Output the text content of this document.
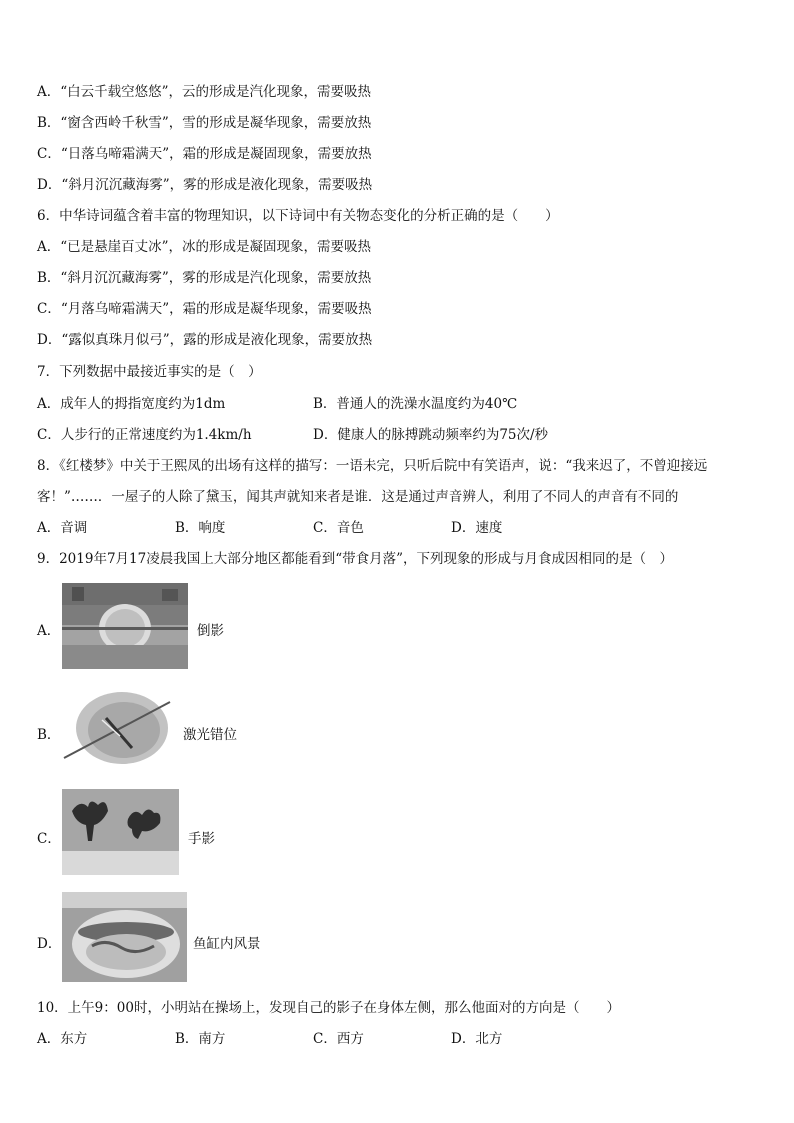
A．“白云千载空悠悠”，云的形成是汽化现象，需要吸热
B．“窗含西岭千秋雪”，雪的形成是凝华现象，需要放热
C．“日落乌啼霜满天”，霜的形成是凝固现象，需要放热
D．“斜月沉沉藏海雾”，雾的形成是液化现象，需要吸热
6．中华诗词蕴含着丰富的物理知识，以下诗词中有关物态变化的分析正确的是（　　）
A．“已是悬崖百丈冰”，冰的形成是凝固现象，需要吸热
B．“斜月沉沉藏海雾”，雾的形成是汽化现象，需要放热
C．“月落乌啼霜满天”，霜的形成是凝华现象，需要吸热
D．“露似真珠月似弓”，露的形成是液化现象，需要放热
7．下列数据中最接近事实的是（　）
A．成年人的拇指宽度约为1dm	B．普通人的洗澡水温度约为40℃
C．人步行的正常速度约为1.4km/h	D．健康人的脉搏跳动频率约为75次/秒
8．《红楼梦》中关于王熙凤的出场有这样的描写：一语未完，只听后院中有笑语声，说：“我来迟了，不曾迎接远
客！”……．一屋子的人除了黛玉，闻其声就知来者是谁．这是通过声音辨人，利用了不同人的声音有不同的
A．音调	B．响度	C．音色	D．速度
9．2019年7月17凌晨我国上大部分地区都能看到“带食月落”，下列现象的形成与月食成因相同的是（　）
A．	倒影
B．	激光错位
C．	手影
D．	鱼缸内风景
10．上午9：00时，小明站在操场上，发现自己的影子在身体左侧，那么他面对的方向是（　　）
A．东方	B．南方	C．西方	D．北方
